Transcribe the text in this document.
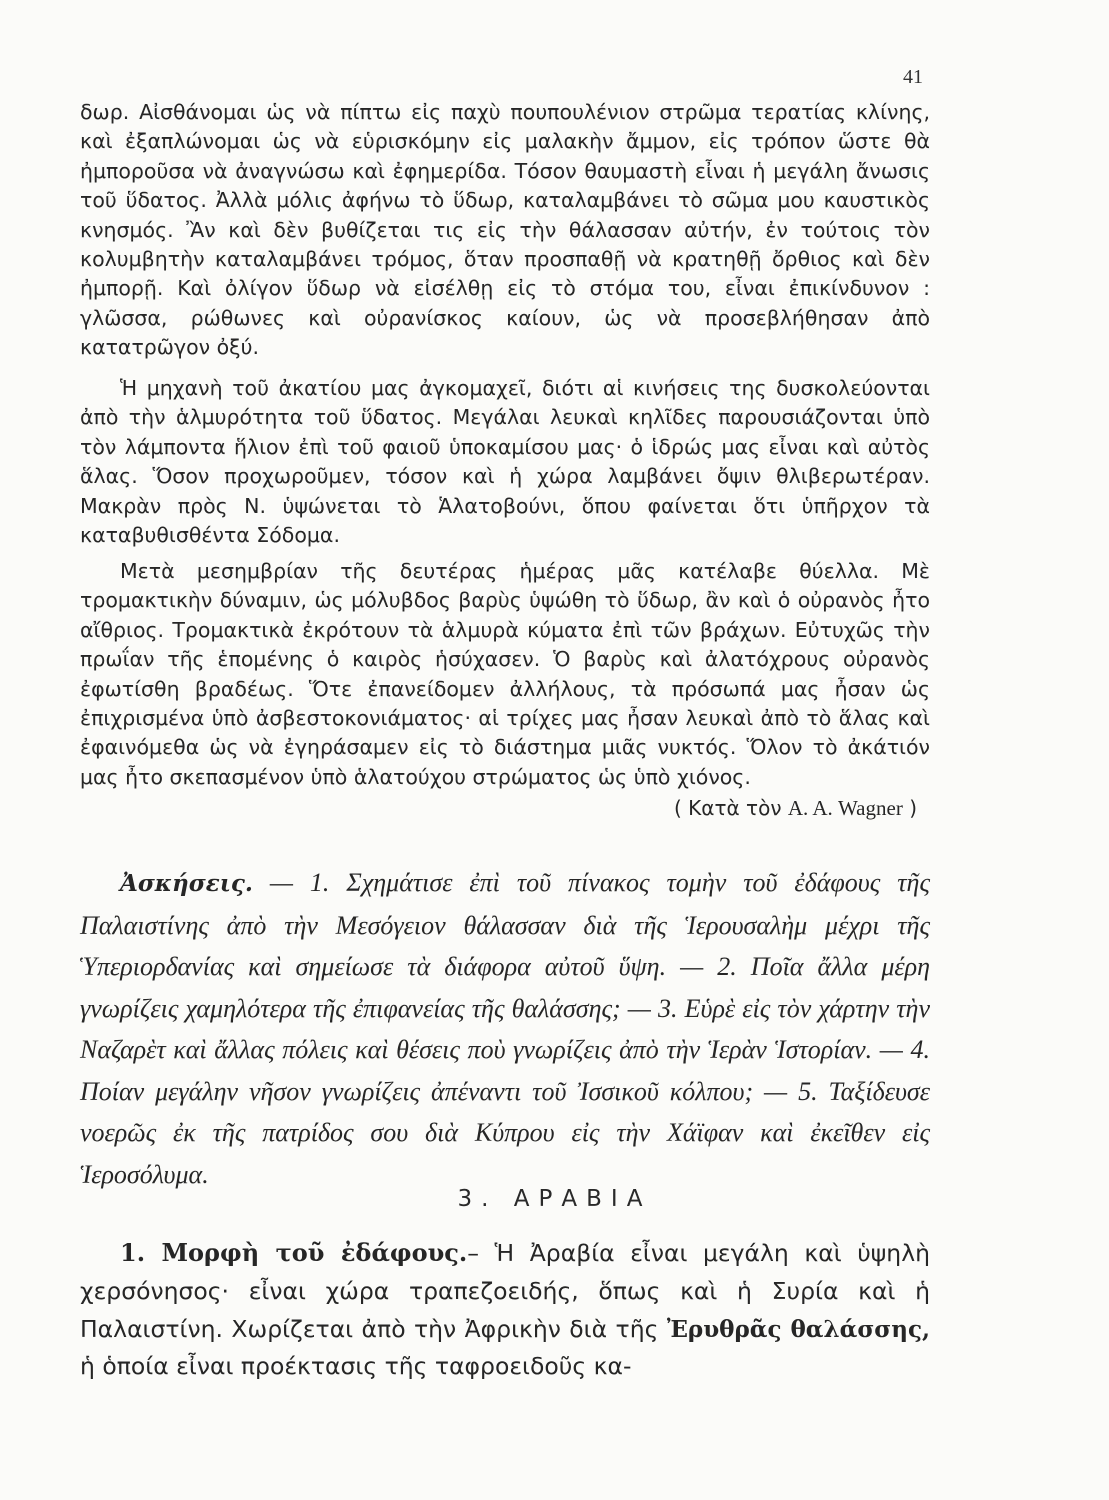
41

δωρ. Αἰσθάνομαι ὡς νὰ πίπτω εἰς παχὺ πουπουλένιον στρῶμα τερατίας κλίνης, καὶ ἐξαπλώνομαι ὡς νὰ εὑρισκόμην εἰς μαλακὴν ἄμμον, εἰς τρόπον ὥστε θὰ ἠμποροῦσα νὰ ἀναγνώσω καὶ ἐφημερίδα. Τόσον θαυμαστὴ εἶναι ἡ μεγάλη ἄνωσις τοῦ ὕδατος. Ἀλλὰ μόλις ἀφήνω τὸ ὕδωρ, καταλαμβάνει τὸ σῶμα μου καυστικὸς κνησμός. Ἂν καὶ δὲν βυθίζεται τις εἰς τὴν θάλασσαν αὐτήν, ἐν τούτοις τὸν κολυμβητὴν καταλαμβάνει τρόμος, ὅταν προσπαθῇ νὰ κρατηθῇ ὄρθιος καὶ δὲν ἠμπορῇ. Καὶ ὀλίγον ὕδωρ νὰ εἰσέλθῃ εἰς τὸ στόμα του, εἶναι ἐπικίνδυνον : γλῶσσα, ρώθωνες καὶ οὐρανίσκος καίουν, ὡς νὰ προσεβλήθησαν ἀπὸ κατατρῶγον ὀξύ.

Ἡ μηχανὴ τοῦ ἀκατίου μας ἀγκομαχεῖ, διότι αἱ κινήσεις της δυσκολεύονται ἀπὸ τὴν ἁλμυρότητα τοῦ ὕδατος. Μεγάλαι λευκαὶ κηλῖδες παρουσιάζονται ὑπὸ τὸν λάμποντα ἥλιον ἐπὶ τοῦ φαιοῦ ὑποκαμίσου μας· ὁ ἱδρώς μας εἶναι καὶ αὐτὸς ἅλας. Ὅσον προχωροῦμεν, τόσον καὶ ἡ χώρα λαμβάνει ὄψιν θλιβερωτέραν. Μακρὰν πρὸς Ν. ὑψώνεται τὸ Ἁλατοβούνι, ὅπου φαίνεται ὅτι ὑπῆρχον τὰ καταβυθισθέντα Σόδομα.

Μετὰ μεσημβρίαν τῆς δευτέρας ἡμέρας μᾶς κατέλαβε θύελλα. Μὲ τρομακτικὴν δύναμιν, ὡς μόλυβδος βαρὺς ὑψώθη τὸ ὕδωρ, ἂν καὶ ὁ οὐρανὸς ἦτο αἴθριος. Τρομακτικὰ ἐκρότουν τὰ ἁλμυρὰ κύματα ἐπὶ τῶν βράχων. Εὐτυχῶς τὴν πρωΐαν τῆς ἑπομένης ὁ καιρὸς ἡσύχασεν. Ὁ βαρὺς καὶ ἀλατόχρους οὐρανὸς ἐφωτίσθη βραδέως. Ὅτε ἐπανείδομεν ἀλλήλους, τὰ πρόσωπά μας ἦσαν ὡς ἐπιχρισμένα ὑπὸ ἀσβεστοκονιάματος· αἱ τρίχες μας ἦσαν λευκαὶ ἀπὸ τὸ ἅλας καὶ ἐφαινόμεθα ὡς νὰ ἐγηράσαμεν εἰς τὸ διάστημα μιᾶς νυκτός. Ὅλον τὸ ἀκάτιόν μας ἦτο σκεπασμένον ὑπὸ ἁλατούχου στρώματος ὡς ὑπὸ χιόνος.

( Κατὰ τὸν Α. Α. Wagner )

Ἀσκήσεις. — 1. Σχημάτισε ἐπὶ τοῦ πίνακος τομὴν τοῦ ἐδάφους τῆς Παλαιστίνης ἀπὸ τὴν Μεσόγειον θάλασσαν διὰ τῆς Ἱερουσαλὴμ μέχρι τῆς Ὑπεριορδανίας καὶ σημείωσε τὰ διάφορα αὐτοῦ ὕψη. — 2. Ποῖα ἄλλα μέρη γνωρίζεις χαμηλότερα τῆς ἐπιφανείας τῆς θαλάσσης; — 3. Εὑρὲ εἰς τὸν χάρτην τὴν Ναζαρὲτ καὶ ἄλλας πόλεις καὶ θέσεις ποὺ γνωρίζεις ἀπὸ τὴν Ἱερὰν Ἱστορίαν. — 4. Ποίαν μεγάλην νῆσον γνωρίζεις ἀπέναντι τοῦ Ἰσσικοῦ κόλπου; — 5. Ταξίδευσε νοερῶς ἐκ τῆς πατρίδος σου διὰ Κύπρου εἰς τὴν Χάϊφαν καὶ ἐκεῖθεν εἰς Ἱεροσόλυμα.

3. ΑΡΑΒΙΑ

1. Μορφὴ τοῦ ἐδάφους.– Ἡ Ἀραβία εἶναι μεγάλη καὶ ὑψηλὴ χερσόνησος· εἶναι χώρα τραπεζοειδής, ὅπως καὶ ἡ Συρία καὶ ἡ Παλαιστίνη. Χωρίζεται ἀπὸ τὴν Ἀφρικὴν διὰ τῆς Ἐρυθρᾶς θαλάσσης, ἡ ὁποία εἶναι προέκτασις τῆς ταφροειδοῦς κα-
